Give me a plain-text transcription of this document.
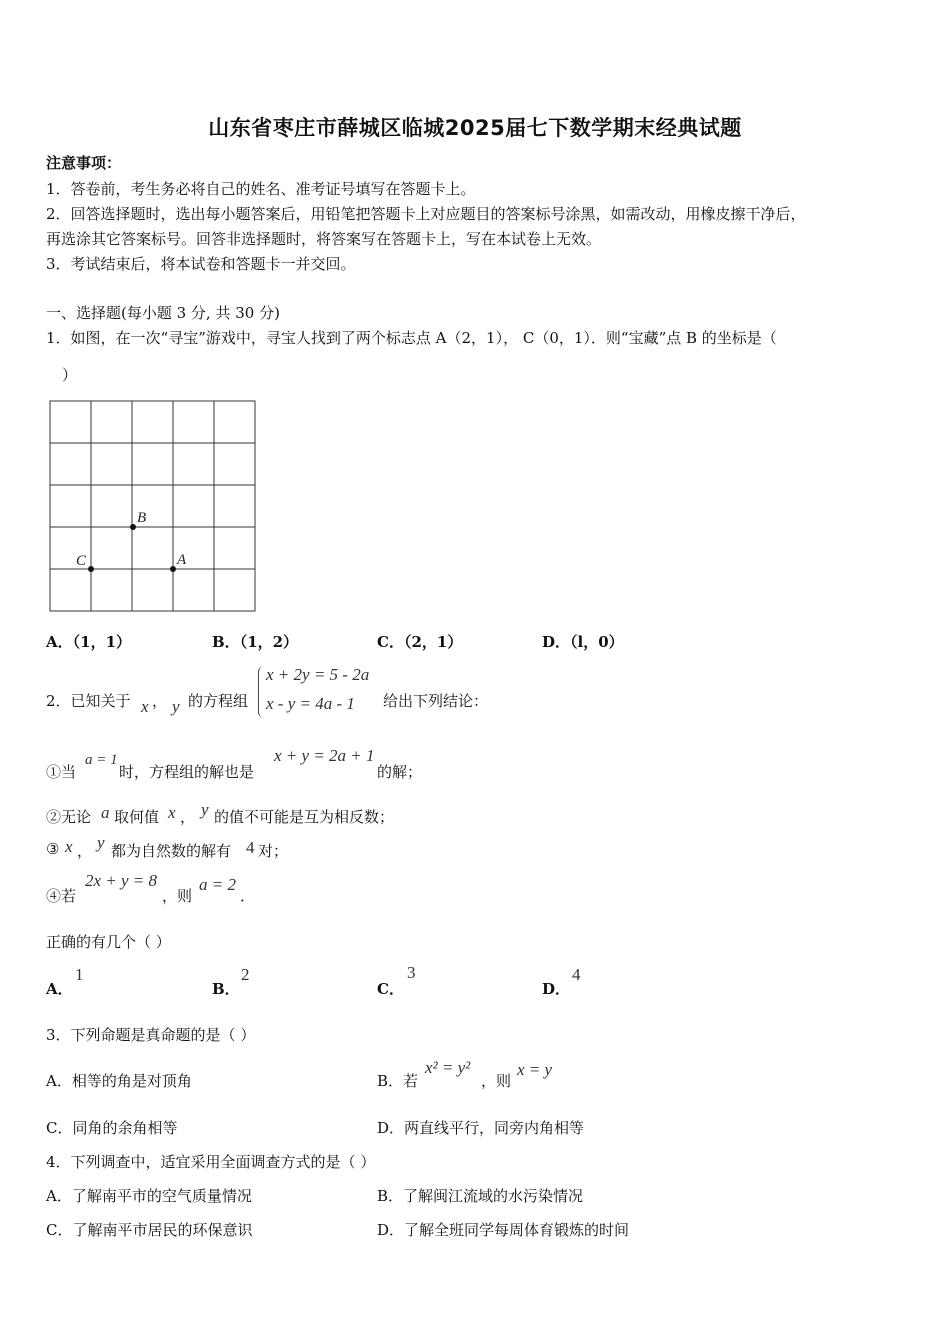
山东省枣庄市薛城区临城2025届七下数学期末经典试题
注意事项：
1．答卷前，考生务必将自己的姓名、准考证号填写在答题卡上。
2．回答选择题时，选出每小题答案后，用铅笔把答题卡上对应题目的答案标号涂黑，如需改动，用橡皮擦干净后，
再选涂其它答案标号。回答非选择题时，将答案写在答题卡上，写在本试卷上无效。
3．考试结束后，将本试卷和答题卡一并交回。
一、选择题(每小题 3 分, 共 30 分)
1．如图，在一次“寻宝”游戏中，寻宝人找到了两个标志点 A（2，1）， C（0，1）．则“宝藏”点 B 的坐标是（
）
B
C	A
A．（1，1）	B．（1，2）	C．（2，1）	D．（l，0）
2．已知关于 x ， y 的方程组
x + 2y = 5 - 2a
x - y = 4a - 1 给出下列结论：
①当
a = 1
时，方程组的解也是
x + y = 2a + 1
的解；
②无论 a 取何值 x ， y 的值不可能是互为相反数；
③ x ， y 都为自然数的解有 4 对；
④若
2x + y = 8
，则
a = 2
．
正确的有几个（ ）
A．
1
B．
2
C．
3
D．
4
3．下列命题是真命题的是（ ）
A．相等的角是对顶角	B．若
x² = y²
，则
x = y
C．同角的余角相等	D．两直线平行，同旁内角相等
4．下列调查中，适宜采用全面调查方式的是（ ）
A．了解南平市的空气质量情况	B．了解闽江流域的水污染情况
C．了解南平市居民的环保意识	D．了解全班同学每周体育锻炼的时间
